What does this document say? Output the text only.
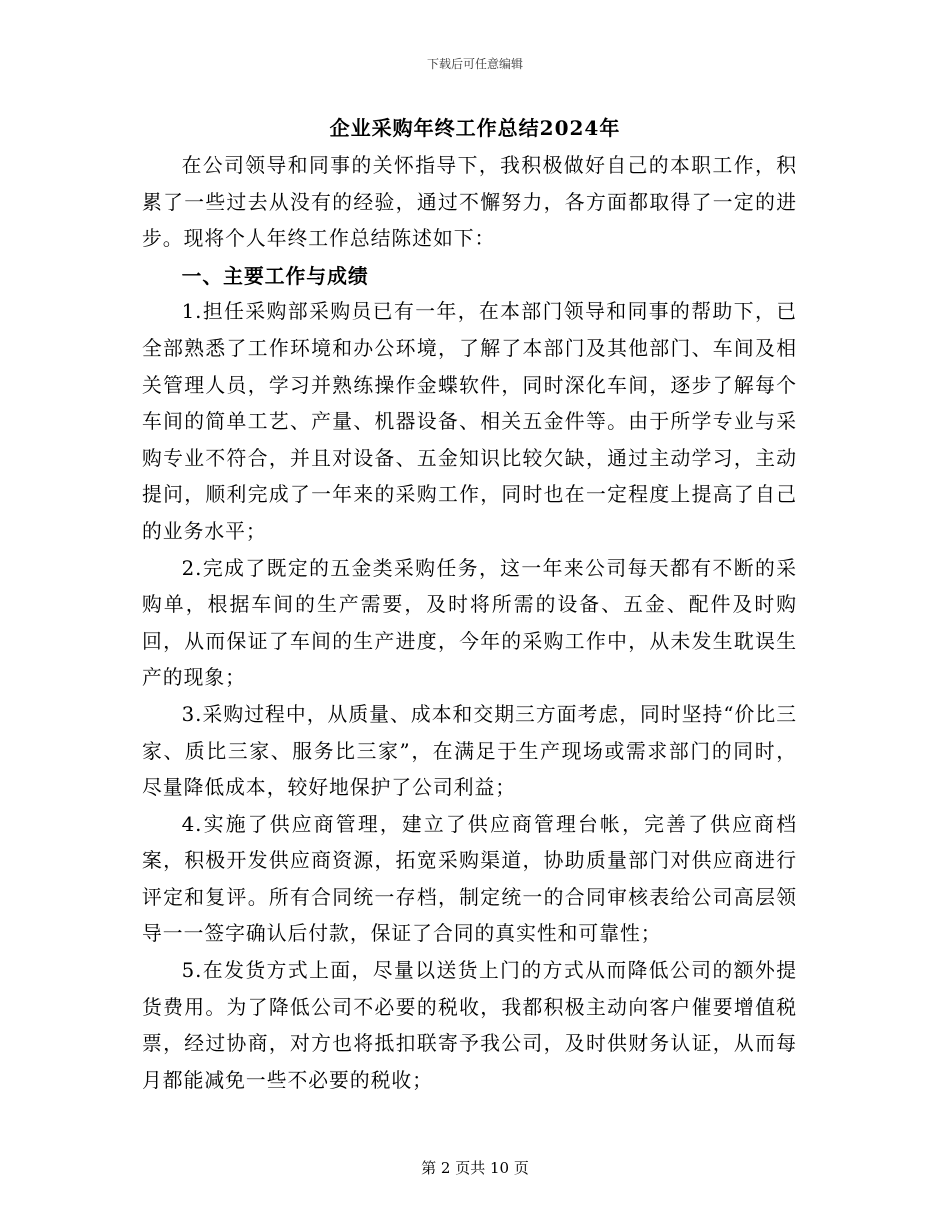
下载后可任意编辑
企业采购年终工作总结2024年

在公司领导和同事的关怀指导下，我积极做好自己的本职工作，积累了一些过去从没有的经验，通过不懈努力，各方面都取得了一定的进步。现将个人年终工作总结陈述如下：

一、主要工作与成绩

1.担任采购部采购员已有一年，在本部门领导和同事的帮助下，已全部熟悉了工作环境和办公环境，了解了本部门及其他部门、车间及相关管理人员，学习并熟练操作金蝶软件，同时深化车间，逐步了解每个车间的简单工艺、产量、机器设备、相关五金件等。由于所学专业与采购专业不符合，并且对设备、五金知识比较欠缺，通过主动学习，主动提问，顺利完成了一年来的采购工作，同时也在一定程度上提高了自己的业务水平；

2.完成了既定的五金类采购任务，这一年来公司每天都有不断的采购单，根据车间的生产需要，及时将所需的设备、五金、配件及时购回，从而保证了车间的生产进度，今年的采购工作中，从未发生耽误生产的现象；

3.采购过程中，从质量、成本和交期三方面考虑，同时坚持“价比三家、质比三家、服务比三家”，在满足于生产现场或需求部门的同时，尽量降低成本，较好地保护了公司利益；

4.实施了供应商管理，建立了供应商管理台帐，完善了供应商档案，积极开发供应商资源，拓宽采购渠道，协助质量部门对供应商进行评定和复评。所有合同统一存档，制定统一的合同审核表给公司高层领导一一签字确认后付款，保证了合同的真实性和可靠性；

5.在发货方式上面，尽量以送货上门的方式从而降低公司的额外提货费用。为了降低公司不必要的税收，我都积极主动向客户催要增值税票，经过协商，对方也将抵扣联寄予我公司，及时供财务认证，从而每月都能减免一些不必要的税收；

第 2 页共 10 页
